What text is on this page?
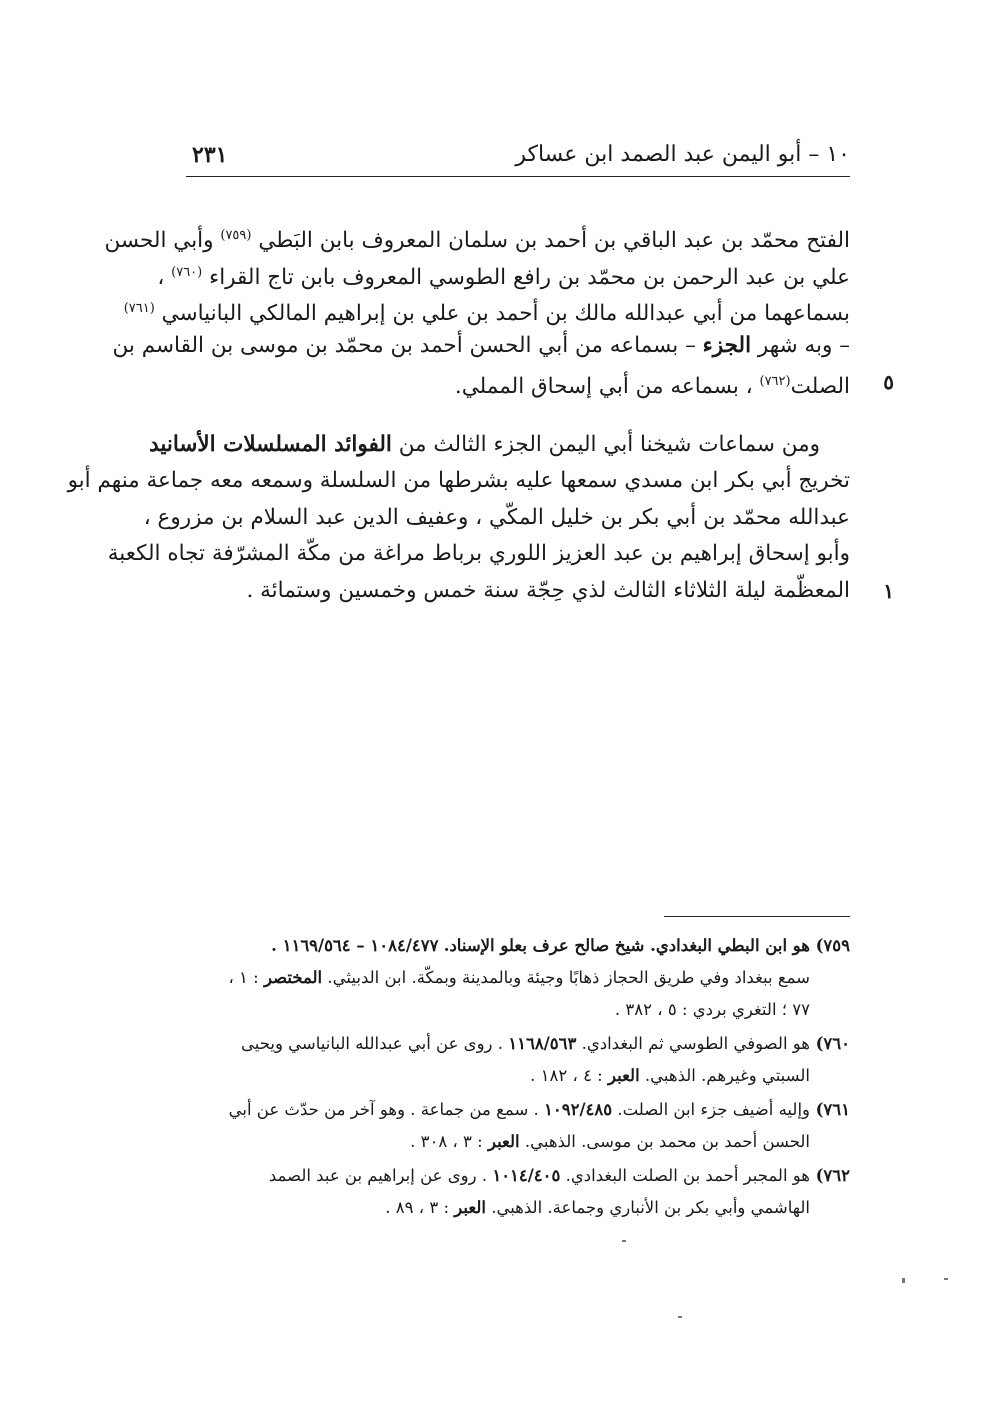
١٠ – أبو اليمن عبد الصمد ابن عساكر
٢٣١
الفتح محمّد بن عبد الباقي بن أحمد بن سلمان المعروف بابن البَطي $^{(٧٥٩)}$ وأبي الحسن
علي بن عبد الرحمن بن محمّد بن رافع الطوسي المعروف بابن تاج القراء $^{(٧٦٠)}$ ،
بسماعهما من أبي عبدالله مالك بن أحمد بن علي بن إبراهيم المالكي البانياسي $^{(٧٦١)}$
– وبه شهر الجزء – بسماعه من أبي الحسن أحمد بن محمّد بن موسى بن القاسم بن
الصلت$^{(٧٦٢)}$ ، بسماعه من أبي إسحاق المملي.	٥
ومن سماعات شيخنا أبي اليمن الجزء الثالث من الفوائد المسلسلات الأسانيد
تخريج أبي بكر ابن مسدي سمعها عليه بشرطها من السلسلة وسمعه معه جماعة منهم أبو
عبدالله محمّد بن أبي بكر بن خليل المكّي ، وعفيف الدين عبد السلام بن مزروع ،
وأبو إسحاق إبراهيم بن عبد العزيز اللوري برباط مراغة من مكّة المشرّفة تجاه الكعبة
المعظّمة ليلة الثلاثاء الثالث لذي حِجّة سنة خمس وخمسين وستمائة . ١
٧٥٩)
هو ابن البطي البغدادي. شيخ صالح عرف بعلو الإسناد. ١٠٨٤/٤٧٧ – ١١٦٩/٥٦٤ .
سمع ببغداد وفي طريق الحجاز ذهابًا وجيئة وبالمدينة وبمكّة. ابن الدبيثي. المختصر : ١ ،
٧٧ ؛ التغري بردي : ٥ ، ٣٨٢ .
٧٦٠)
هو الصوفي الطوسي ثم البغدادي. ١١٦٨/٥٦٣ . روى عن أبي عبدالله البانياسي ويحيى
السبتي وغيرهم. الذهبي. العبر : ٤ ، ١٨٢ .
٧٦١)
وإليه أضيف جزء ابن الصلت. ١٠٩٢/٤٨٥ . سمع من جماعة . وهو آخر من حدّث عن أبي
الحسن أحمد بن محمد بن موسى. الذهبي. العبر : ٣ ، ٣٠٨ .
٧٦٢)
هو المجبر أحمد بن الصلت البغدادي. ١٠١٤/٤٠٥ . روى عن إبراهيم بن عبد الصمد
الهاشمي وأبي بكر بن الأنباري وجماعة. الذهبي. العبر : ٣ ، ٨٩ .
